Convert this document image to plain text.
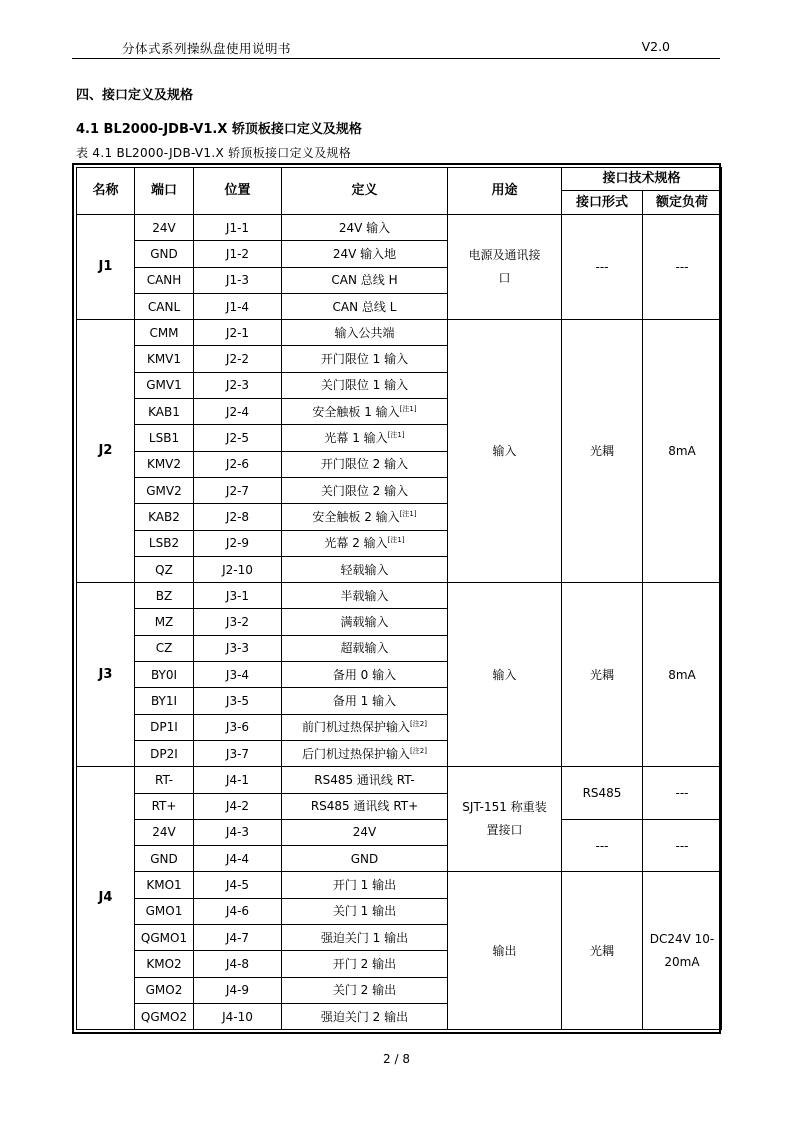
分体式系列操纵盘使用说明书	V2.0
四、接口定义及规格
4.1 BL2000-JDB-V1.X 轿顶板接口定义及规格
表 4.1 BL2000-JDB-V1.X 轿顶板接口定义及规格
名称	端口	位置	定义	用途	接口技术规格	
					接口形式	额定负荷
J1	24V	J1-1	24V 输入	电源及通讯接口	---	---
	GND	J1-2	24V 输入地			
	CANH	J1-3	CAN 总线 H			
	CANL	J1-4	CAN 总线 L			
J2	CMM	J2-1	输入公共端	输入	光耦	8mA
	KMV1	J2-2	开门限位 1 输入			
	GMV1	J2-3	关门限位 1 输入			
	KAB1	J2-4	安全触板 1 输入[注1]
	LSB1	J2-5	光幕 1 输入[注1]
	KMV2	J2-6	开门限位 2 输入			
	GMV2	J2-7	关门限位 2 输入			
	KAB2	J2-8	安全触板 2 输入[注1]
	LSB2	J2-9	光幕 2 输入[注1]
	QZ	J2-10	轻载输入			
J3	BZ	J3-1	半载输入	输入	光耦	8mA
	MZ	J3-2	满载输入			
	CZ	J3-3	超载输入			
	BY0I	J3-4	备用 0 输入			
	BY1I	J3-5	备用 1 输入			
	DP1I	J3-6	前门机过热保护输入[注2]
	DP2I	J3-7	后门机过热保护输入[注2]
J4	RT-	J4-1	RS485 通讯线 RT-	SJT-151 称重装置接口	RS485	---
	RT+	J4-2	RS485 通讯线 RT+			
	24V	J4-3	24V		---	---
	GND	J4-4	GND			
	KMO1	J4-5	开门 1 输出	输出	光耦	DC24V 10-20mA

	GMO1	J4-6	关门 1 输出			
	QGMO1	J4-7	强迫关门 1 输出			
	KMO2	J4-8	开门 2 输出			
	GMO2	J4-9	关门 2 输出			
	QGMO2	J4-10	强迫关门 2 输出			
2 / 8
